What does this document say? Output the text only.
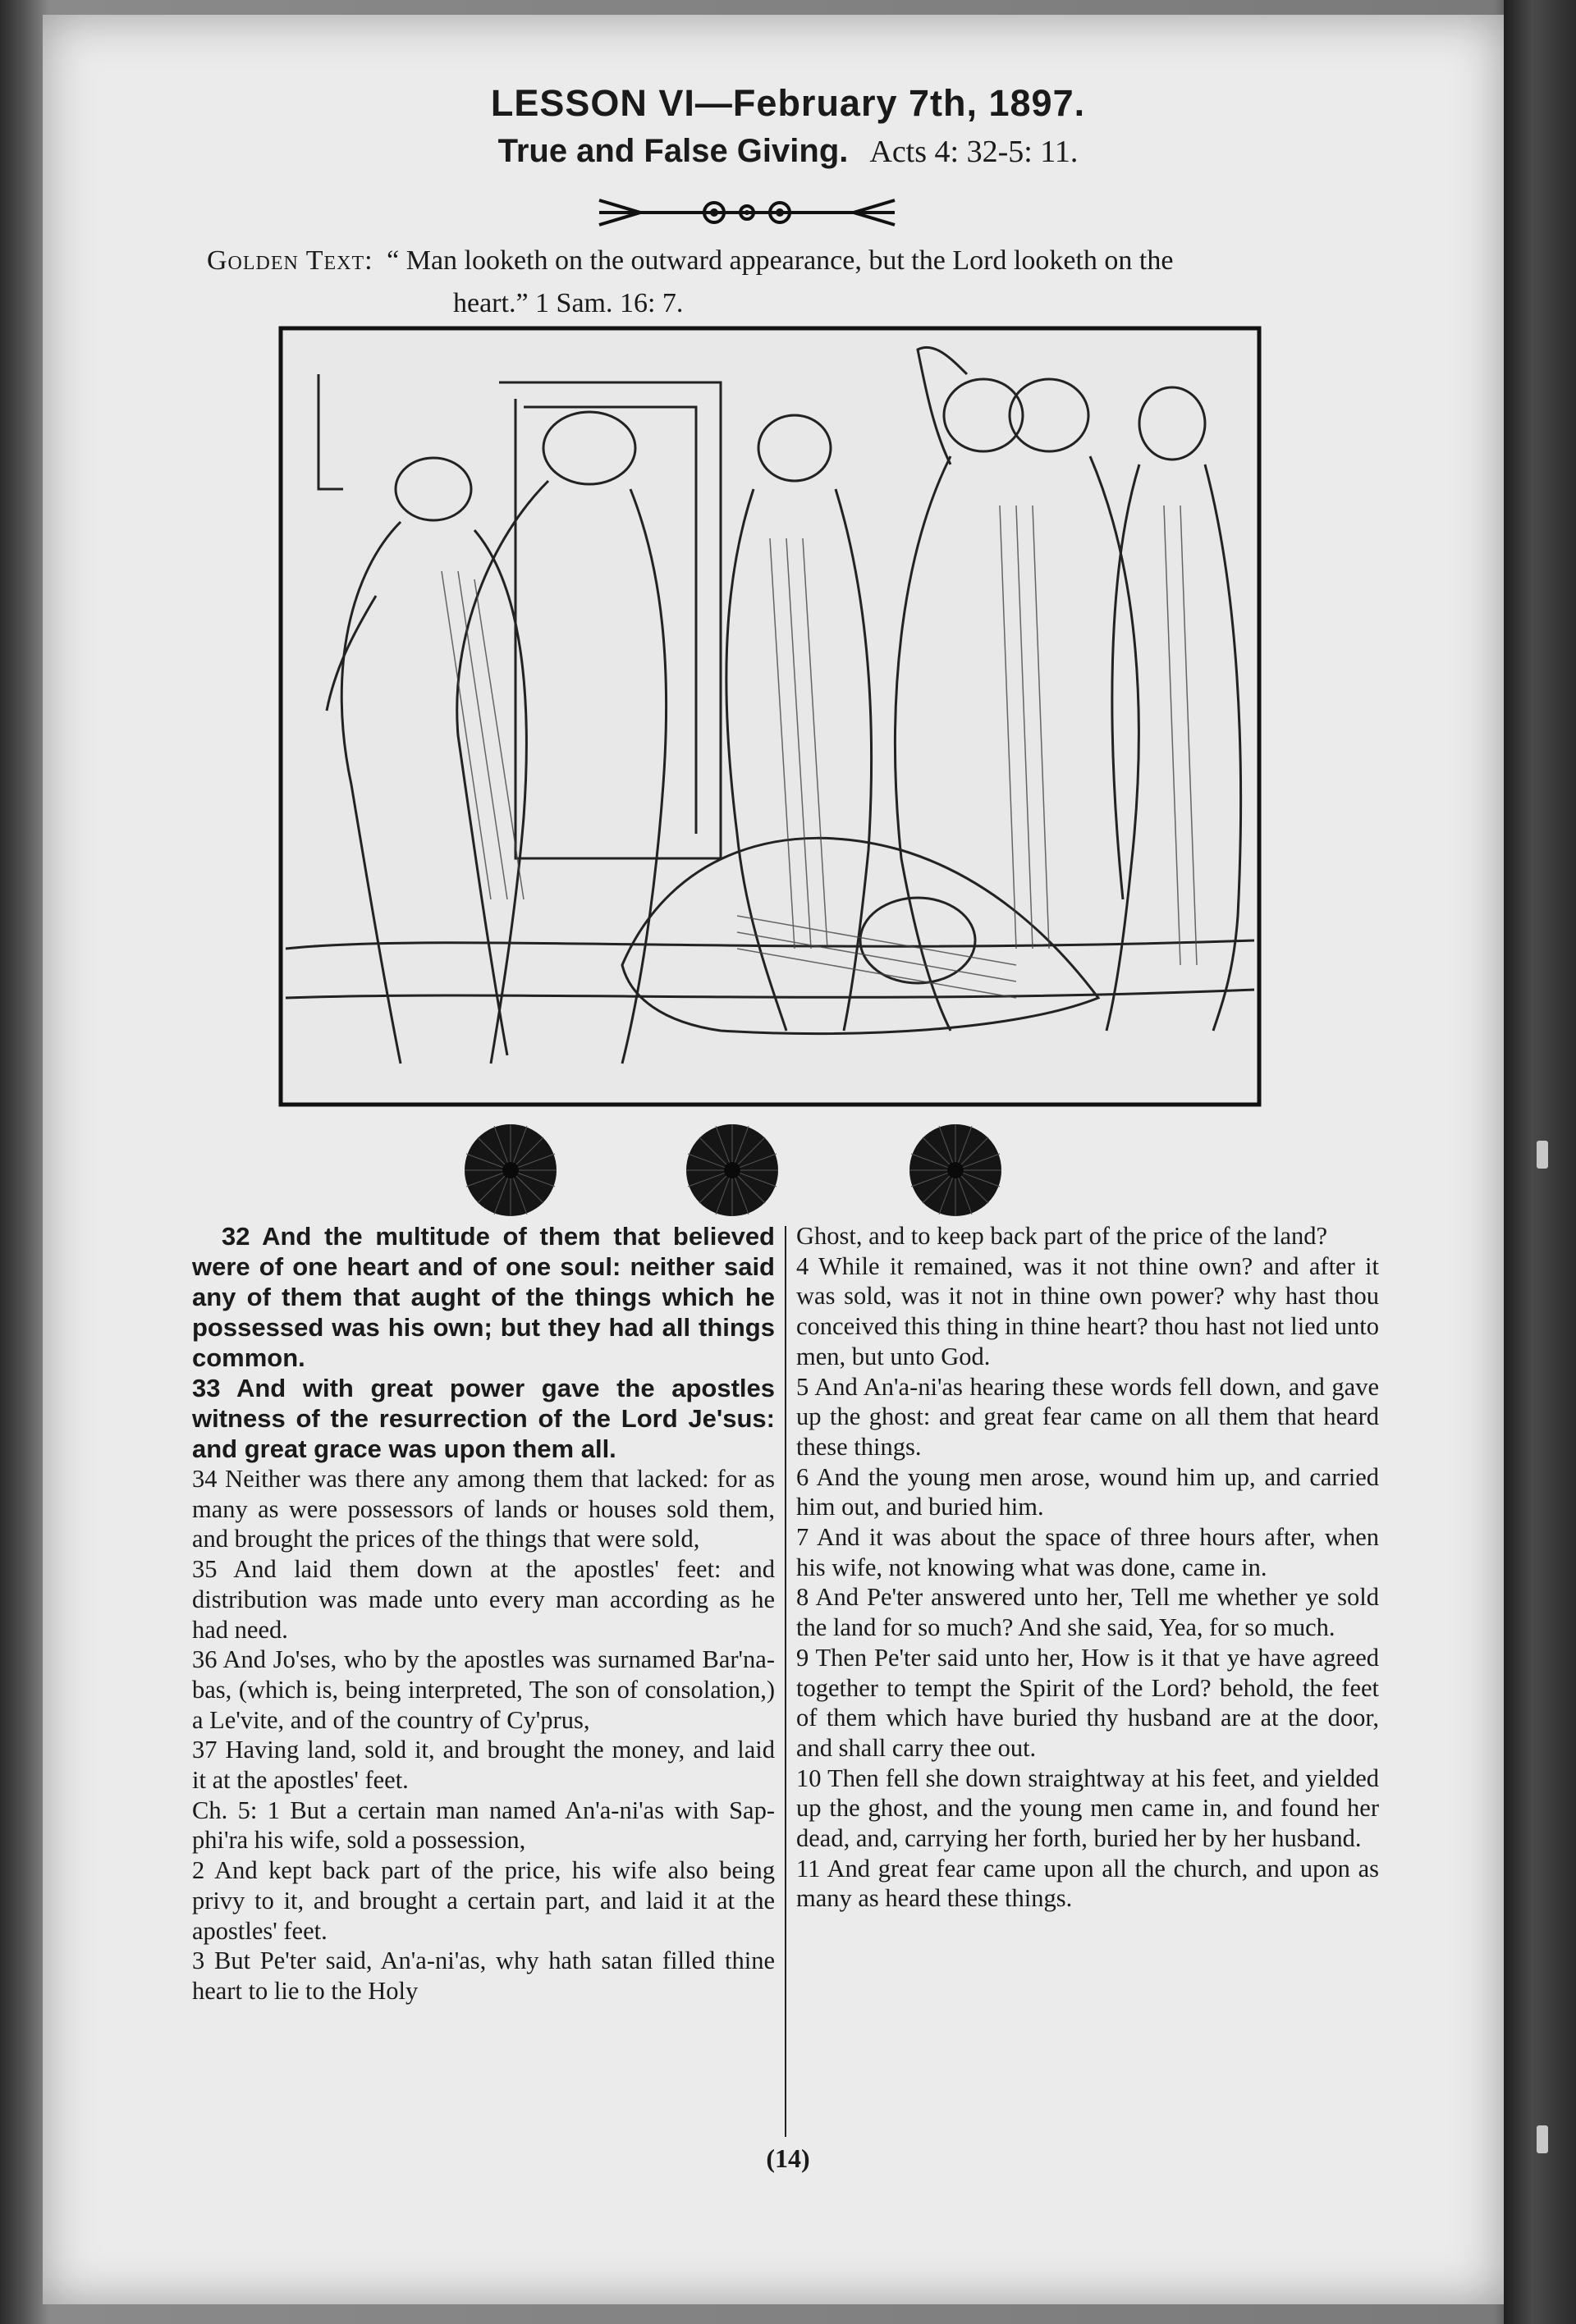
LESSON VI—February 7th, 1897.
True and False Giving. Acts 4: 32-5: 11.
Golden Text: “ Man looketh on the outward appearance, but the Lord looketh on the
heart.” 1 Sam. 16: 7.

32 And the multitude of them that believed were of one heart and of one soul: neither said any of them that aught of the things which he possessed was his own; but they had all things common.

33 And with great power gave the apostles witness of the resurrection of the Lord Je'sus: and great grace was upon them all.

34 Neither was there any among them that lacked: for as many as were possessors of lands or houses sold them, and brought the prices of the things that were sold,

35 And laid them down at the apostles' feet: and distribution was made unto every man according as he had need.

36 And Jo'ses, who by the apostles was surnamed Bar'na-bas, (which is, being interpreted, The son of consolation,) a Le'vite, and of the country of Cy'prus,

37 Having land, sold it, and brought the money, and laid it at the apostles' feet.

Ch. 5: 1 But a certain man named An'a-ni'as with Sap-phi'ra his wife, sold a possession,

2 And kept back part of the price, his wife also being privy to it, and brought a certain part, and laid it at the apostles' feet.

3 But Pe'ter said, An'a-ni'as, why hath satan filled thine heart to lie to the Holy

Ghost, and to keep back part of the price of the land?

4 While it remained, was it not thine own? and after it was sold, was it not in thine own power? why hast thou conceived this thing in thine heart? thou hast not lied unto men, but unto God.

5 And An'a-ni'as hearing these words fell down, and gave up the ghost: and great fear came on all them that heard these things.

6 And the young men arose, wound him up, and carried him out, and buried him.

7 And it was about the space of three hours after, when his wife, not knowing what was done, came in.

8 And Pe'ter answered unto her, Tell me whether ye sold the land for so much? And she said, Yea, for so much.

9 Then Pe'ter said unto her, How is it that ye have agreed together to tempt the Spirit of the Lord? behold, the feet of them which have buried thy husband are at the door, and shall carry thee out.

10 Then fell she down straightway at his feet, and yielded up the ghost, and the young men came in, and found her dead, and, carrying her forth, buried her by her husband.

11 And great fear came upon all the church, and upon as many as heard these things.

(14)
